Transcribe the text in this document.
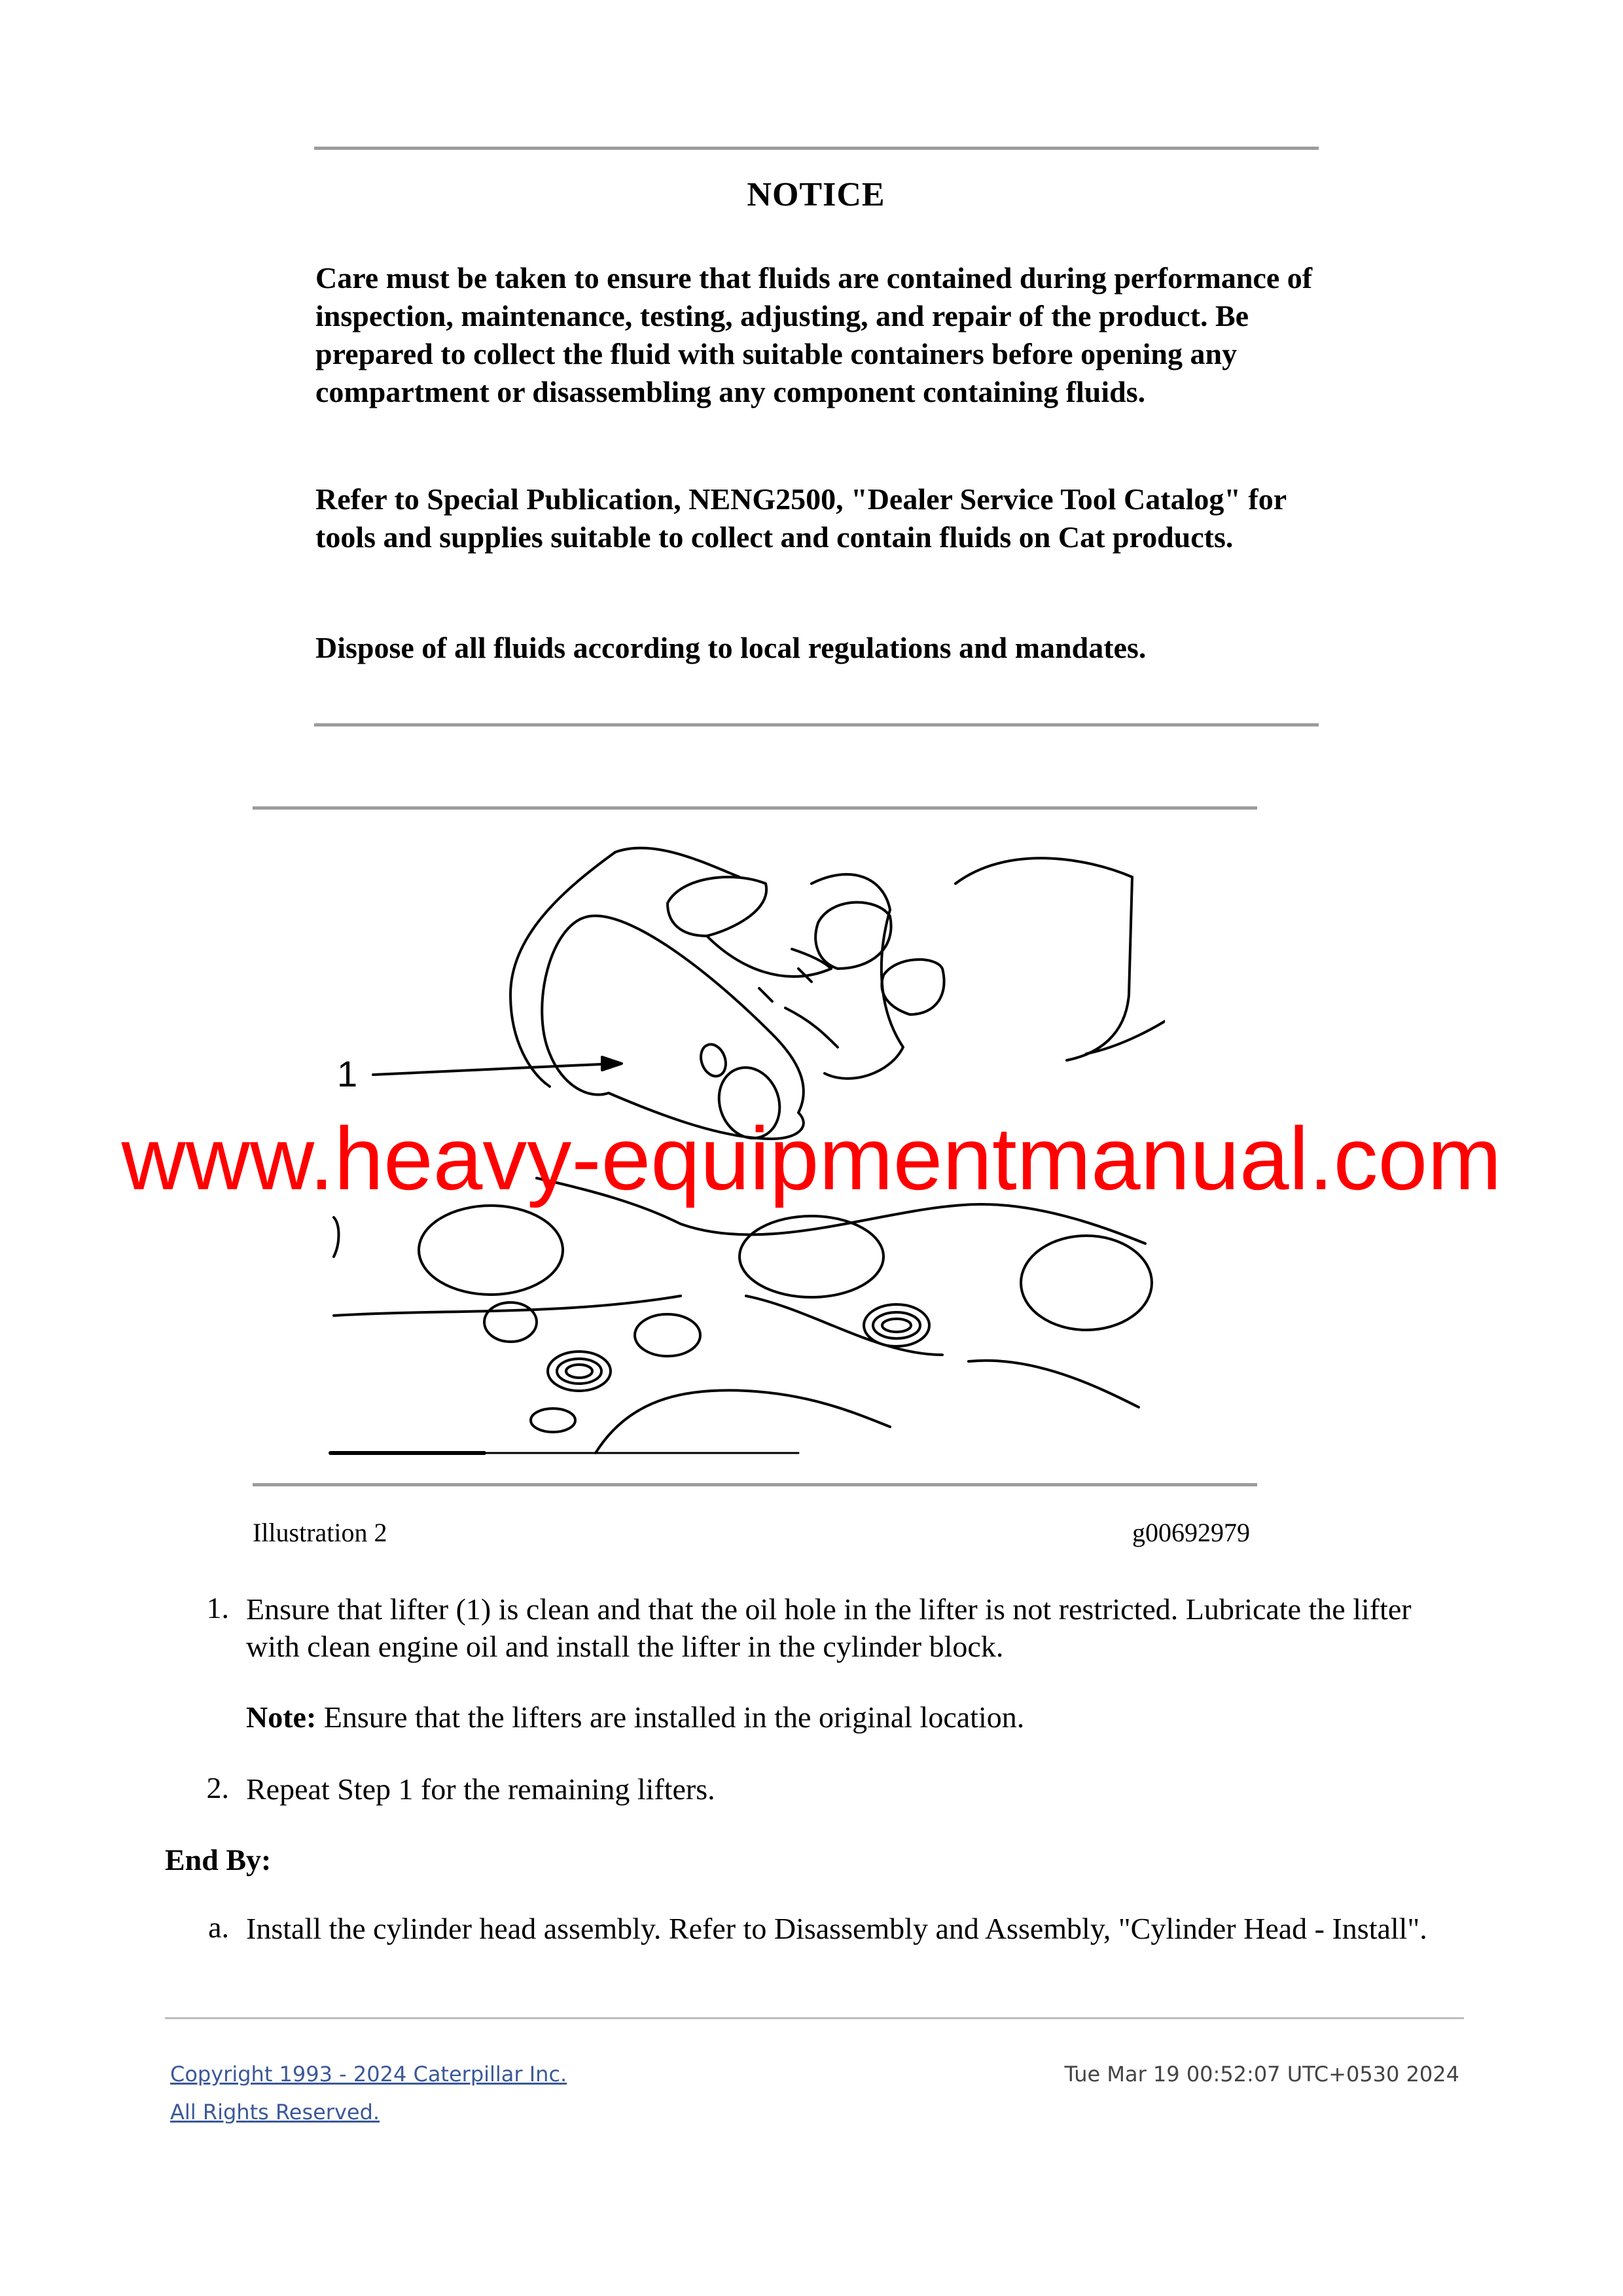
NOTICE
Care must be taken to ensure that fluids are contained during performance of inspection, maintenance, testing, adjusting, and repair of the product. Be prepared to collect the fluid with suitable containers before opening any compartment or disassembling any component containing fluids.
Refer to Special Publication, NENG2500, "Dealer Service Tool Catalog" for tools and supplies suitable to collect and contain fluids on Cat products.
Dispose of all fluids according to local regulations and mandates.
1
Illustration 2	g00692979
www.heavy-equipmentmanual.com
1. Ensure that lifter (1) is clean and that the oil hole in the lifter is not restricted. Lubricate the lifter with clean engine oil and install the lifter in the cylinder block.
Note: Ensure that the lifters are installed in the original location.
2. Repeat Step 1 for the remaining lifters.
End By:
a. Install the cylinder head assembly. Refer to Disassembly and Assembly, "Cylinder Head - Install".
Copyright 1993 - 2024 Caterpillar Inc.
All Rights Reserved.
Tue Mar 19 00:52:07 UTC+0530 2024
